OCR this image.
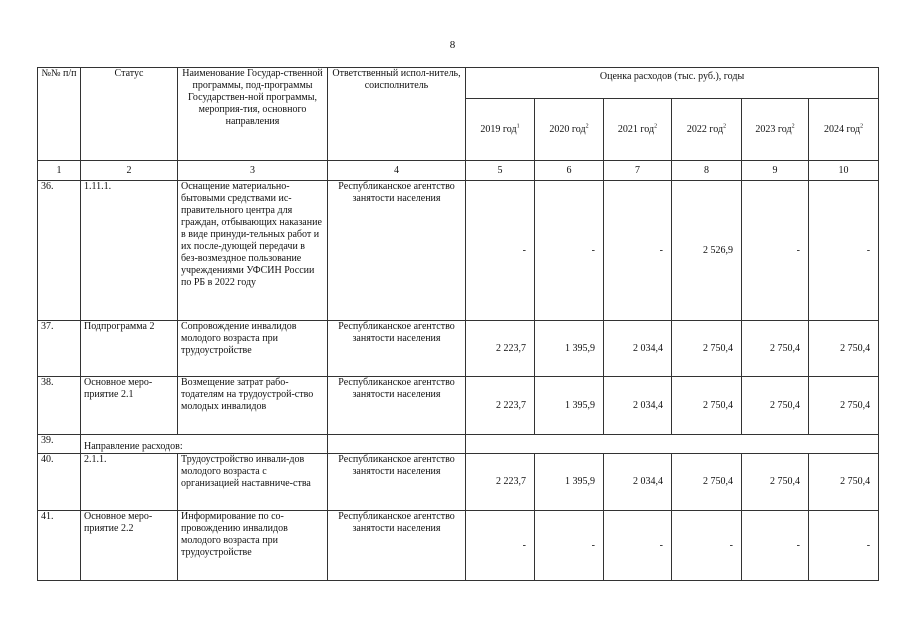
8
№№ п/п	Статус	Наименование Государ-ственной программы, под-программы Государствен-ной программы, мероприя-тия, основного направления	Ответственный испол-нитель, соисполнитель	Оценка расходов (тыс. руб.), годы					
				2019 год$^1$	2020 год$^2$	2021 год$^2$	2022 год$^2$	2023 год$^2$	2024 год$^2$
1	2	3	4	5	6	7	8	9	10
36.	1.11.1.	Оснащение материально-бытовыми средствами ис-правительного центра для граждан, отбывающих наказание в виде принуди-тельных работ и их после-дующей передачи в без-возмездное пользование учреждениями УФСИН России по РБ в 2022 году	Республиканское агентство занятости населения	-	-	-	2 526,9	-	-
37.	Подпрограмма 2	Сопровождение инвалидов молодого возраста при трудоустройстве	Республиканское агентство занятости населения	2 223,7	1 395,9	2 034,4	2 750,4	2 750,4	2 750,4
38.	Основное меро-приятие 2.1	Возмещение затрат рабо-тодателям на трудоустрой-ство молодых инвалидов	Республиканское агентство занятости населения	2 223,7	1 395,9	2 034,4	2 750,4	2 750,4	2 750,4
39.	Направление расходов:								
40.	2.1.1.	Трудоустройство инвали-дов молодого возраста с организацией наставниче-ства	Республиканское агентство занятости населения	2 223,7	1 395,9	2 034,4	2 750,4	2 750,4	2 750,4
41.	Основное меро-приятие 2.2	Информирование по со-провождению инвалидов молодого возраста при трудоустройстве	Республиканское агентство занятости населения	-	-	-	-	-	-
